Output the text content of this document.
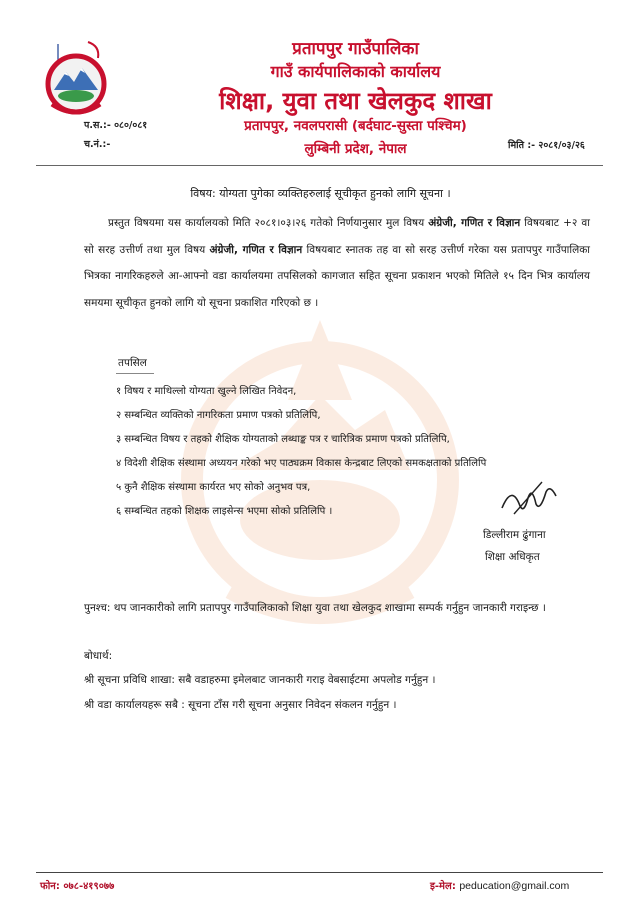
प्रतापपुर गाउँपालिका
गाउँ कार्यपालिकाको कार्यालय
शिक्षा, युवा तथा खेलकुद शाखा
प्रतापपुर, नवलपरासी (बर्दघाट-सुस्ता पश्चिम)
लुम्बिनी प्रदेश, नेपाल
प.स.:- ०८०/०८१
च.नं.:-	मिति :- २०८१/०३/२६
विषय: योग्यता पुगेका व्यक्तिहरुलाई सूचीकृत हुनको लागि सूचना ।
प्रस्तुत विषयमा यस कार्यालयको मिति २०८१।०३।२६ गतेको निर्णयानुसार मुल विषय अंग्रेजी, गणित र विज्ञान विषयबाट +२ वा सो सरह उत्तीर्ण तथा मुल विषय अंग्रेजी, गणित र विज्ञान विषयबाट स्नातक तह वा सो सरह उत्तीर्ण गरेका यस प्रतापपुर गाउँपालिका भित्रका नागरिकहरुले आ-आफ्नो वडा कार्यालयमा तपसिलको कागजात सहित सूचना प्रकाशन भएको मितिले १५ दिन भित्र कार्यालय समयमा सूचीकृत हुनको लागि यो सूचना प्रकाशित गरिएको छ ।
तपसिल
१ विषय र माथिल्लो योग्यता खुल्ने लिखित निवेदन,
२ सम्बन्धित व्यक्तिको नागरिकता प्रमाण पत्रको प्रतिलिपि,
३ सम्बन्धित विषय र तहको शैक्षिक योग्यताको लब्धाङ्क पत्र र चारित्रिक प्रमाण पत्रको प्रतिलिपि,
४ विदेशी शैक्षिक संस्थामा अध्ययन गरेको भए पाठ्यक्रम विकास केन्द्रबाट लिएको समकक्षताको प्रतिलिपि
५ कुनै शैक्षिक संस्थामा कार्यरत भए सोको अनुभव पत्र,
६ सम्बन्धित तहको शिक्षक लाइसेन्स भएमा सोको प्रतिलिपि ।
डिल्लीराम ढुंगाना
शिक्षा अधिकृत
पुनश्च: थप जानकारीको लागि प्रतापपुर गाउँपालिकाको शिक्षा युवा तथा खेलकुद शाखामा सम्पर्क गर्नुहुन जानकारी गराइन्छ ।
बोधार्थ:
श्री सूचना प्रविधि शाखा: सबै वडाहरुमा इमेलबाट जानकारी गराइ वेबसाईटमा अपलोड गर्नुहुन ।
श्री वडा कार्यालयहरू सबै : सूचना टाँस गरी सूचना अनुसार निवेदन संकलन गर्नुहुन ।
फोन: ०७८-४१९०७७	इ-मेल: peducation@gmail.com
